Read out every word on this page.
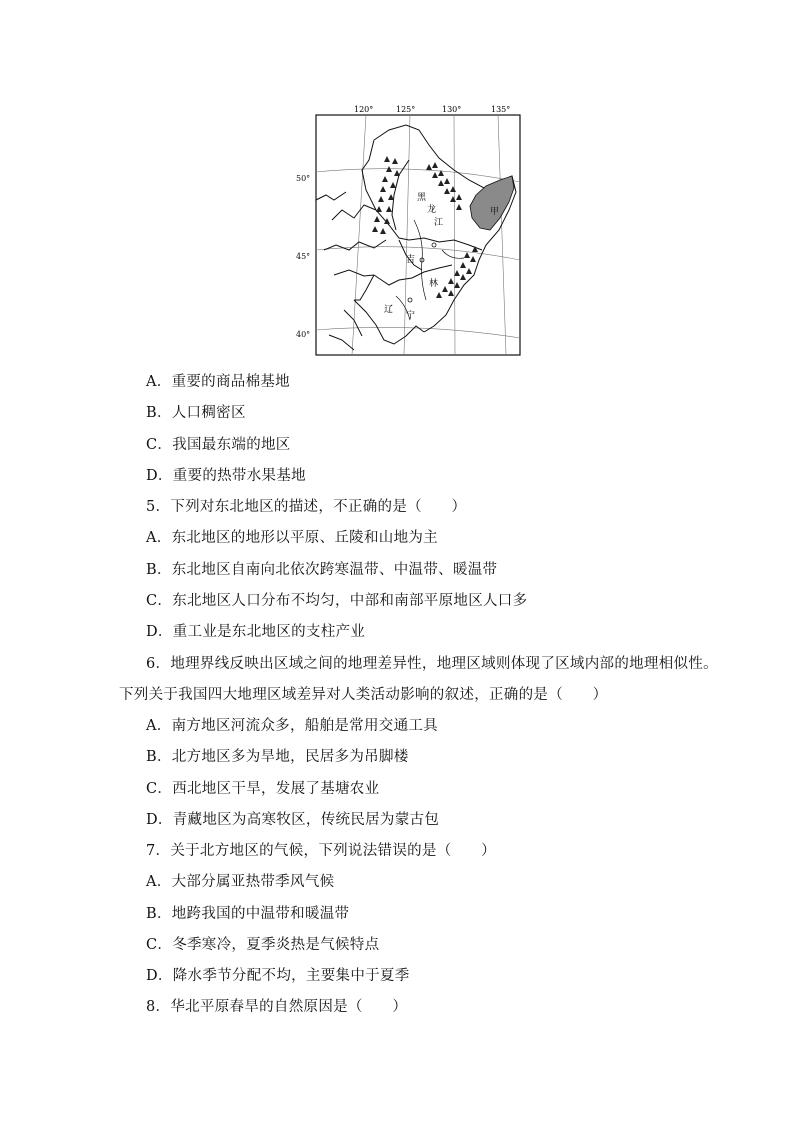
120°	125°	130°	135°
甲
黑
龙
江
吉
林
辽
宁
50°
45°
40°
A．重要的商品棉基地
B．人口稠密区
C．我国最东端的地区
D．重要的热带水果基地
5．下列对东北地区的描述，不正确的是（　　）
A．东北地区的地形以平原、丘陵和山地为主
B．东北地区自南向北依次跨寒温带、中温带、暖温带
C．东北地区人口分布不均匀，中部和南部平原地区人口多
D．重工业是东北地区的支柱产业
6．地理界线反映出区域之间的地理差异性，地理区域则体现了区域内部的地理相似性。
下列关于我国四大地理区域差异对人类活动影响的叙述，正确的是（　　）
A．南方地区河流众多，船舶是常用交通工具
B．北方地区多为旱地，民居多为吊脚楼
C．西北地区干旱，发展了基塘农业
D．青藏地区为高寒牧区，传统民居为蒙古包
7．关于北方地区的气候，下列说法错误的是（　　）
A．大部分属亚热带季风气候
B．地跨我国的中温带和暖温带
C．冬季寒冷，夏季炎热是气候特点
D．降水季节分配不均，主要集中于夏季
8．华北平原春旱的自然原因是（　　）
